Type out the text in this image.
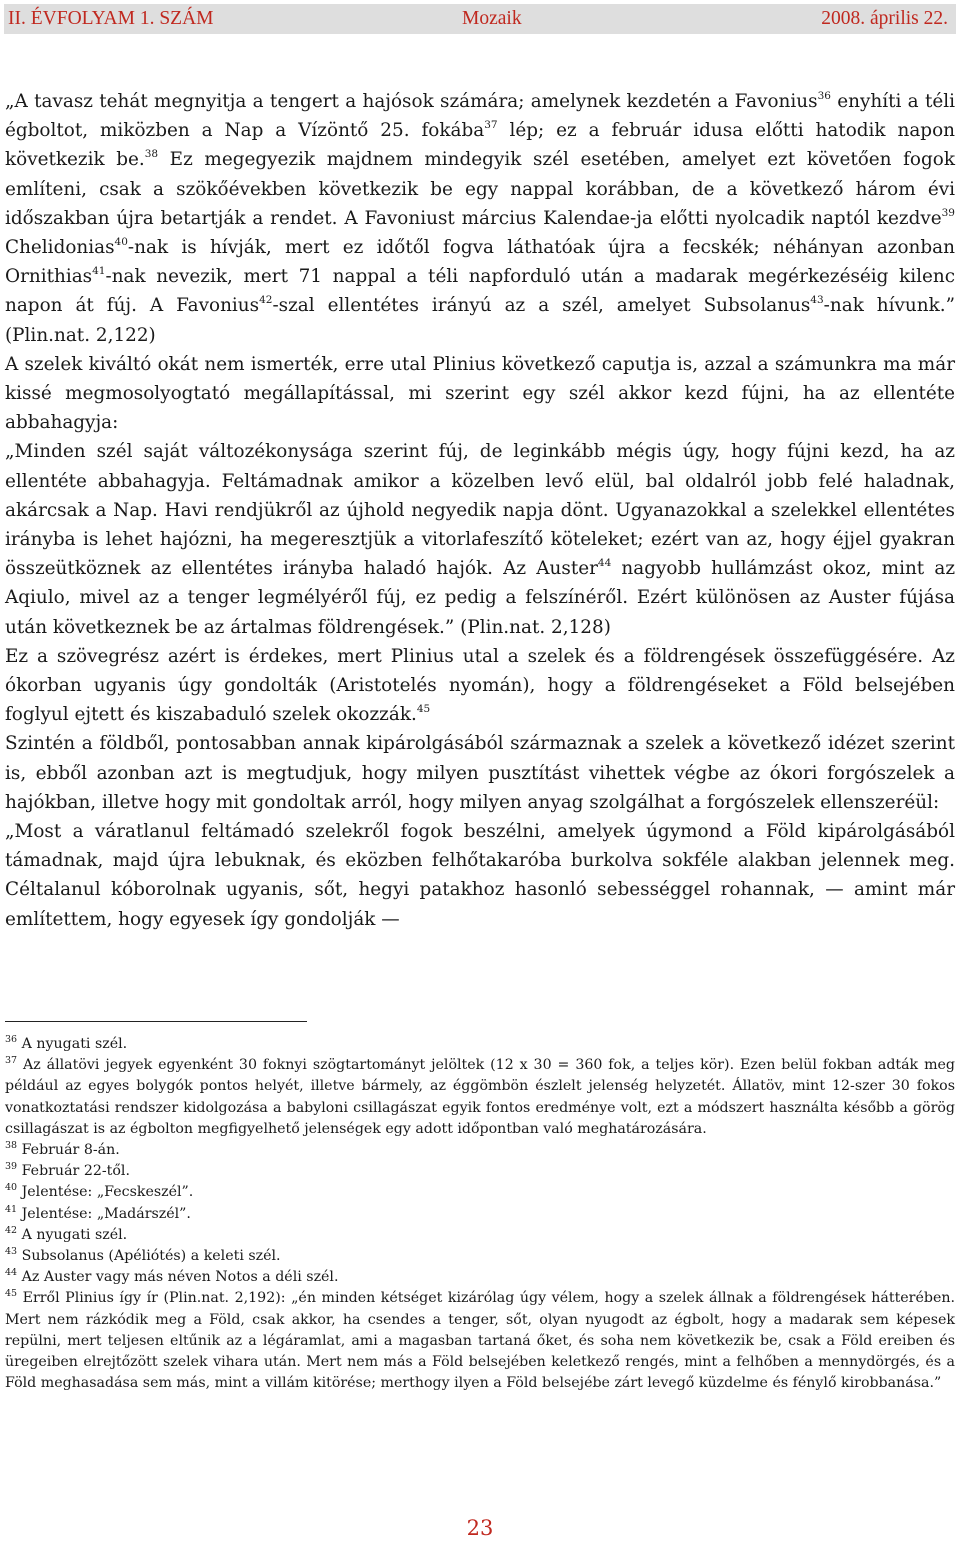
II. ÉVFOLYAM 1. SZÁM	Mozaik	2008. április 22.

„A tavasz tehát megnyitja a tengert a hajósok számára; amelynek kezdetén a Favonius$^{36}$ enyhíti a téli égboltot, miközben a Nap a Vízöntő 25. fokába$^{37}$ lép; ez a február idusa előtti hatodik napon következik be.$^{38}$ Ez megegyezik majdnem mindegyik szél esetében, amelyet ezt követően fogok említeni, csak a szökőévekben következik be egy nappal korábban, de a következő három évi időszakban újra betartják a rendet. A Favoniust március Kalendae-ja előtti nyolcadik naptól kezdve$^{39}$ Chelidonias$^{40}$-nak is hívják, mert ez időtől fogva láthatóak újra a fecskék; néhányan azonban Ornithias$^{41}$-nak nevezik, mert 71 nappal a téli napforduló után a madarak megérkezéséig kilenc napon át fúj. A Favonius$^{42}$-szal ellentétes irányú az a szél, amelyet Subsolanus$^{43}$-nak hívunk.” (Plin.nat. 2,122)

A szelek kiváltó okát nem ismerték, erre utal Plinius következő caputja is, azzal a számunkra ma már kissé megmosolyogtató megállapítással, mi szerint egy szél akkor kezd fújni, ha az ellentéte abbahagyja:

„Minden szél saját változékonysága szerint fúj, de leginkább mégis úgy, hogy fújni kezd, ha az ellentéte abbahagyja. Feltámadnak amikor a közelben levő elül, bal oldalról jobb felé haladnak, akárcsak a Nap. Havi rendjükről az újhold negyedik napja dönt. Ugyanazokkal a szelekkel ellentétes irányba is lehet hajózni, ha megeresztjük a vitorlafeszítő köteleket; ezért van az, hogy éjjel gyakran összeütköznek az ellentétes irányba haladó hajók. Az Auster$^{44}$ nagyobb hullámzást okoz, mint az Aqiulo, mivel az a tenger legmélyéről fúj, ez pedig a felszínéről. Ezért különösen az Auster fújása után következnek be az ártalmas földrengések.” (Plin.nat. 2,128)

Ez a szövegrész azért is érdekes, mert Plinius utal a szelek és a földrengések összefüggésére. Az ókorban ugyanis úgy gondolták (Aristotelés nyomán), hogy a földrengéseket a Föld belsejében foglyul ejtett és kiszabaduló szelek okozzák.$^{45}$

Szintén a földből, pontosabban annak kipárolgásából származnak a szelek a következő idézet szerint is, ebből azonban azt is megtudjuk, hogy milyen pusztítást vihettek végbe az ókori forgószelek a hajókban, illetve hogy mit gondoltak arról, hogy milyen anyag szolgálhat a forgószelek ellenszeréül:

„Most a váratlanul feltámadó szelekről fogok beszélni, amelyek úgymond a Föld kipárolgásából támadnak, majd újra lebuknak, és eközben felhőtakaróba burkolva sokféle alakban jelennek meg. Céltalanul kóborolnak ugyanis, sőt, hegyi patakhoz hasonló sebességgel rohannak, — amint már említettem, hogy egyesek így gondolják —

$^{36}$ A nyugati szél.

$^{37}$ Az állatövi jegyek egyenként 30 foknyi szögtartományt jelöltek (12 x 30 = 360 fok, a teljes kör). Ezen belül fokban adták meg például az egyes bolygók pontos helyét, illetve bármely, az éggömbön észlelt jelenség helyzetét. Állatöv, mint 12-szer 30 fokos vonatkoztatási rendszer kidolgozása a babyloni csillagászat egyik fontos eredménye volt, ezt a módszert használta később a görög csillagászat is az égbolton megfigyelhető jelenségek egy adott időpontban való meghatározására.

$^{38}$ Február 8-án.

$^{39}$ Február 22-től.

$^{40}$ Jelentése: „Fecskeszél”.

$^{41}$ Jelentése: „Madárszél”.

$^{42}$ A nyugati szél.

$^{43}$ Subsolanus (Apéliótés) a keleti szél.

$^{44}$ Az Auster vagy más néven Notos a déli szél.

$^{45}$ Erről Plinius így ír (Plin.nat. 2,192): „én minden kétséget kizárólag úgy vélem, hogy a szelek állnak a földrengések hátterében. Mert nem rázkódik meg a Föld, csak akkor, ha csendes a tenger, sőt, olyan nyugodt az égbolt, hogy a madarak sem képesek repülni, mert teljesen eltűnik az a légáramlat, ami a magasban tartaná őket, és soha nem következik be, csak a Föld ereiben és üregeiben elrejtőzött szelek vihara után. Mert nem más a Föld belsejében keletkező rengés, mint a felhőben a mennydörgés, és a Föld meghasadása sem más, mint a villám kitörése; merthogy ilyen a Föld belsejébe zárt levegő küzdelme és fénylő kirobbanása.”

23
